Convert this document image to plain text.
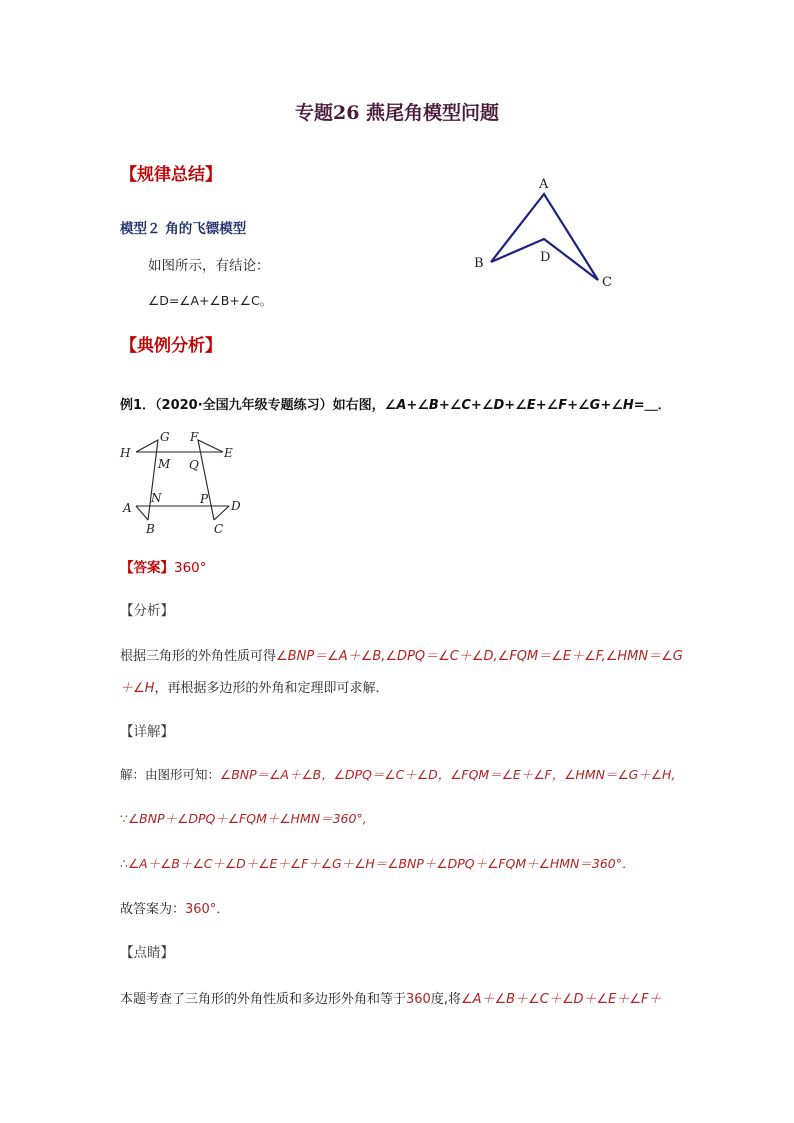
专题26 燕尾角模型问题
【规律总结】
模型２ 角的飞镖模型
如图所示，有结论：
∠D=∠A+∠B+∠C。
A
B
C
D
【典例分析】
例1．（2020·全国九年级专题练习）如右图，∠A+∠B+∠C+∠D+∠E+∠F+∠G+∠H=＿．
G F
H	E
M Q
N	P
A	D
B	C
【答案】360°
【分析】
根据三角形的外角性质可得∠BNP＝∠A＋∠B,∠DPQ＝∠C＋∠D,∠FQM＝∠E＋∠F,∠HMN＝∠G
＋∠H，再根据多边形的外角和定理即可求解．
【详解】
解：由图形可知：∠BNP＝∠A＋∠B，∠DPQ＝∠C＋∠D，∠FQM＝∠E＋∠F，∠HMN＝∠G＋∠H,
∵∠BNP＋∠DPQ＋∠FQM＋∠HMN＝360°,
∴∠A＋∠B＋∠C＋∠D＋∠E＋∠F＋∠G＋∠H＝∠BNP＋∠DPQ＋∠FQM＋∠HMN＝360°．
故答案为：360°．
【点睛】
本题考查了三角形的外角性质和多边形外角和等于360度,将∠A＋∠B＋∠C＋∠D＋∠E＋∠F＋
